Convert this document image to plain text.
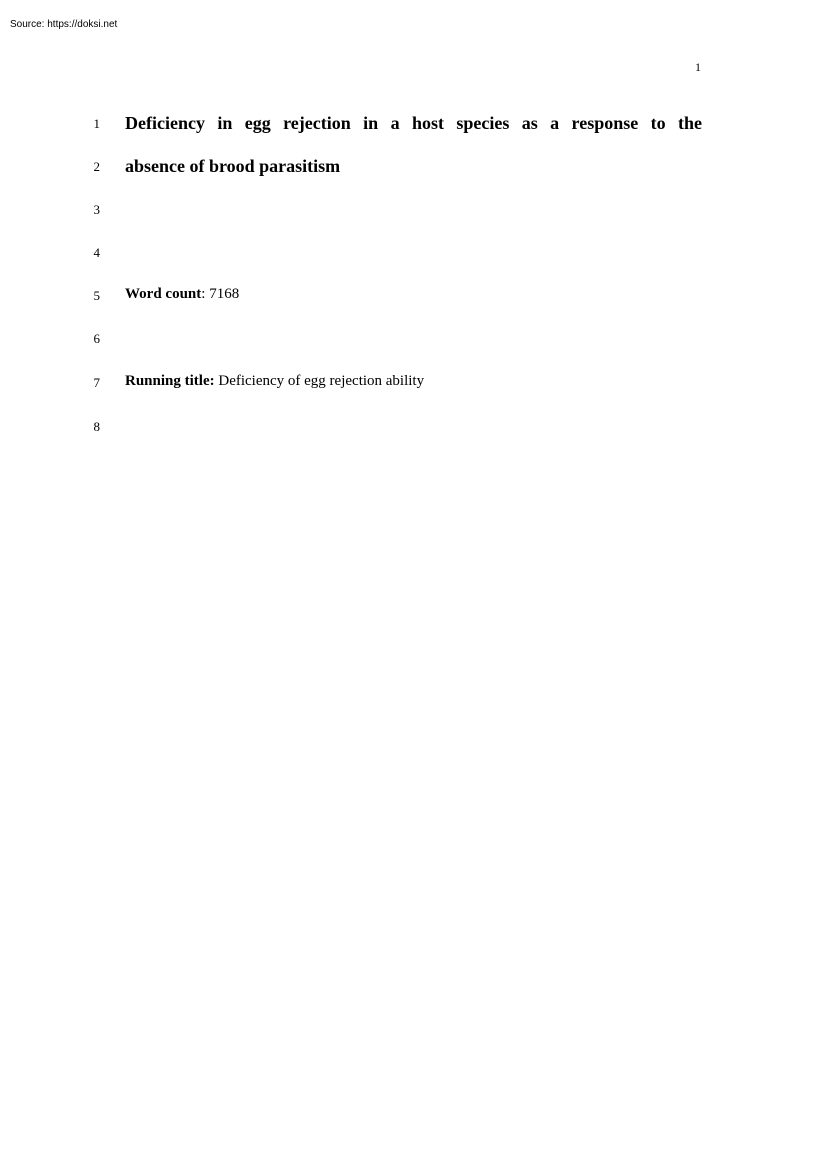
Source: https://doksi.net
1
1
2
3
4
5
6
7
8
Deficiency in egg rejection in a host species as a response to the
absence of brood parasitism
Word count: 7168
Running title: Deficiency of egg rejection ability
